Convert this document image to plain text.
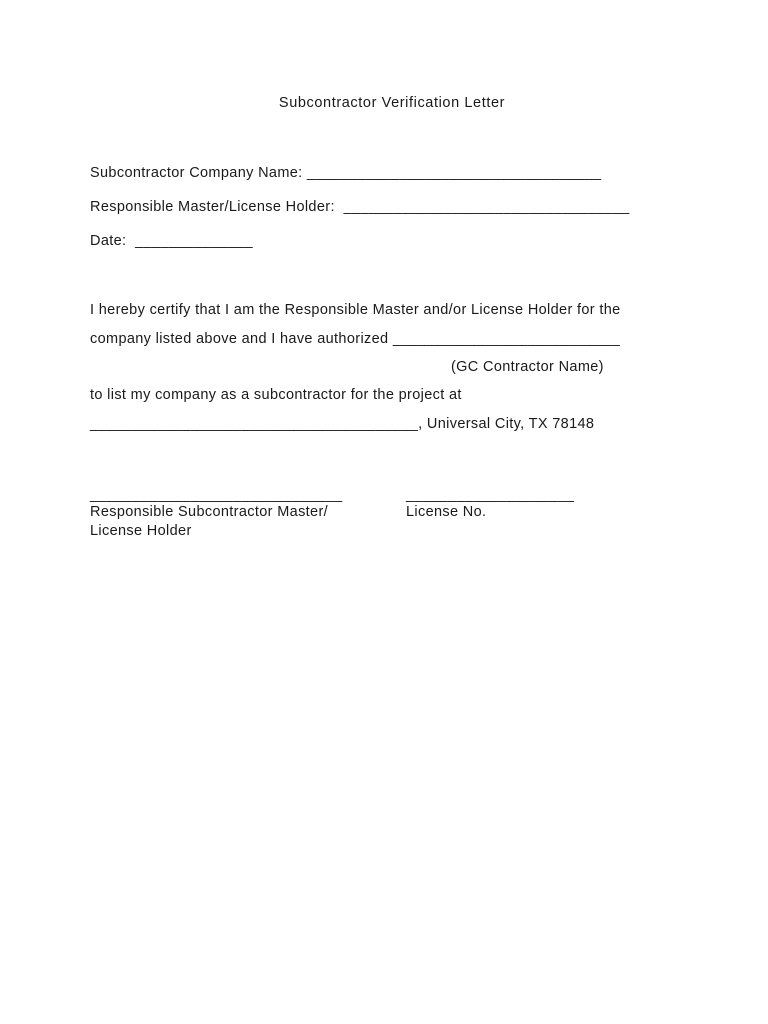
Subcontractor Verification Letter
Subcontractor Company Name: ___________________________________
Responsible Master/License Holder:  __________________________________
Date:  ______________
I hereby certify that I am the Responsible Master and/or License Holder for the
company listed above and I have authorized ___________________________
(GC Contractor Name)
to list my company as a subcontractor for the project at
_______________________________________, Universal City, TX 78148
______________________________	____________________
Responsible Subcontractor Master/
License Holder
License No.
